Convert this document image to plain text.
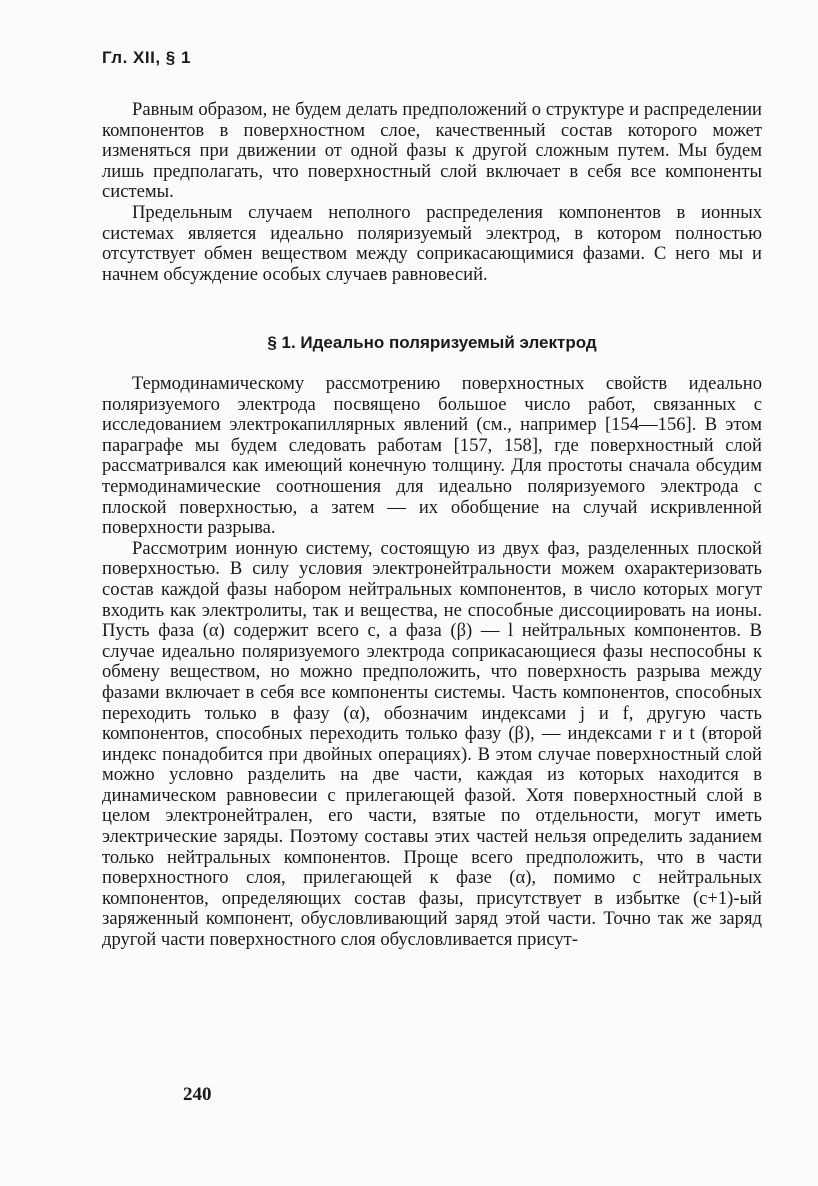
Гл. XII, § 1

Равным образом, не будем делать предположений о структуре и распределении компонентов в поверхностном слое, качественный состав которого может изменяться при движении от одной фазы к другой сложным путем. Мы будем лишь предполагать, что поверхностный слой включает в себя все компоненты системы.

Предельным случаем неполного распределения компонентов в ионных системах является идеально поляризуемый электрод, в котором полностью отсутствует обмен веществом между соприкасающимися фазами. С него мы и начнем обсуждение особых случаев равновесий.

§ 1. Идеально поляризуемый электрод

Термодинамическому рассмотрению поверхностных свойств идеально поляризуемого электрода посвящено большое число работ, связанных с исследованием электрокапиллярных явлений (см., например [154—156]. В этом параграфе мы будем следовать работам [157, 158], где поверхностный слой рассматривался как имеющий конечную толщину. Для простоты сначала обсудим термодинамические соотношения для идеально поляризуемого электрода с плоской поверхностью, а затем — их обобщение на случай искривленной поверхности разрыва.

Рассмотрим ионную систему, состоящую из двух фаз, разделенных плоской поверхностью. В силу условия электронейтральности можем охарактеризовать состав каждой фазы набором нейтральных компонентов, в число которых могут входить как электролиты, так и вещества, не способные диссоциировать на ионы. Пусть фаза (α) содержит всего c, а фаза (β) — l нейтральных компонентов. В случае идеально поляризуемого электрода соприкасающиеся фазы неспособны к обмену веществом, но можно предположить, что поверхность разрыва между фазами включает в себя все компоненты системы. Часть компонентов, способных переходить только в фазу (α), обозначим индексами j и f, другую часть компонентов, способных переходить только фазу (β), — индексами r и t (второй индекс понадобится при двойных операциях). В этом случае поверхностный слой можно условно разделить на две части, каждая из которых находится в динамическом равновесии с прилегающей фазой. Хотя поверхностный слой в целом электронейтрален, его части, взятые по отдельности, могут иметь электрические заряды. Поэтому составы этих частей нельзя определить заданием только нейтральных компонентов. Проще всего предположить, что в части поверхностного слоя, прилегающей к фазе (α), помимо c нейтральных компонентов, определяющих состав фазы, присутствует в избытке (c+1)-ый заряженный компонент, обусловливающий заряд этой части. Точно так же заряд другой части поверхностного слоя обусловливается присут-

240
